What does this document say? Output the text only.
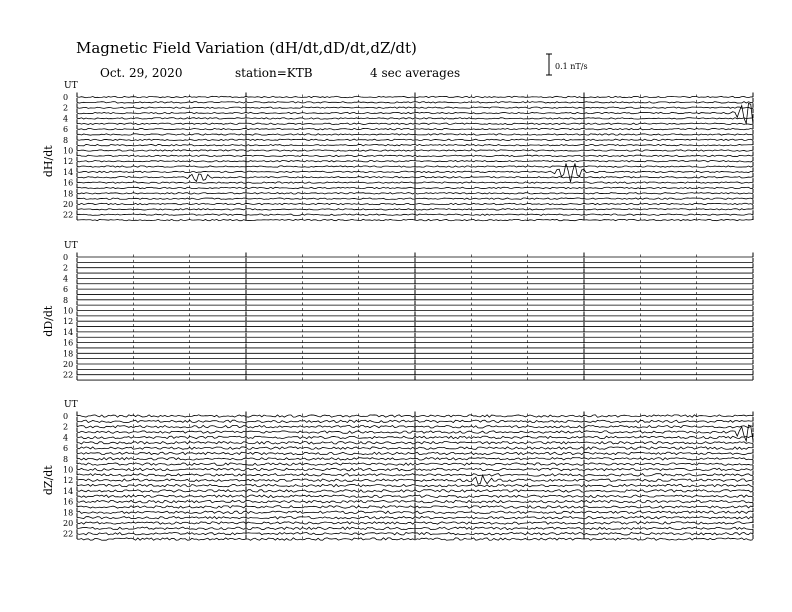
Magnetic Field Variation (dH/dt,dD/dt,dZ/dt)
Oct. 29, 2020	station=KTB	4 sec averages	0.1 nT/s
UT
dH/dt
0
2
4
6
8
10
12
14
16
18
20
22
UT
dD/dt
0
2
4
6
8
10
12
14
16
18
20
22
UT
dZ/dt
0
2
4
6
8
10
12
14
16
18
20
22
